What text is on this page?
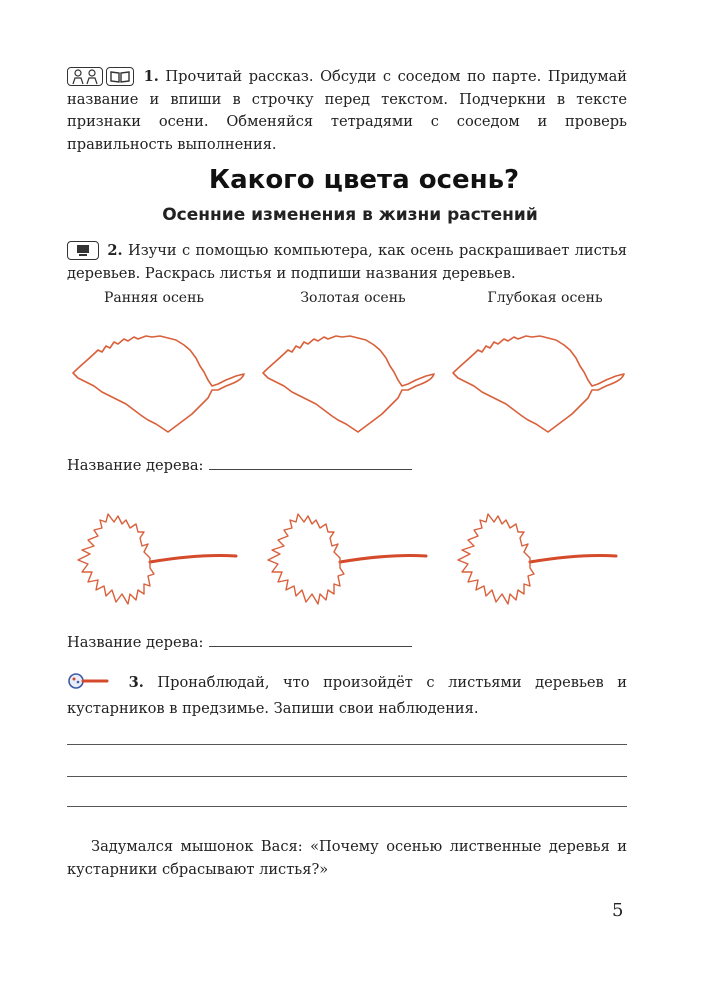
1. Прочитай рассказ. Обсуди с соседом по парте. Придумай название и впиши в строчку перед текстом. Подчеркни в тексте признаки осени. Обменяйся тетрадями с соседом и проверь правильность выполнения.

Какого цвета осень?
Осенние изменения в жизни растений

2. Изучи с помощью компьютера, как осень раскрашивает листья деревьев. Раскрась листья и подпиши названия деревьев.

Ранняя осень	Золотая осень	Глубокая осень
Название дерева:
Название дерева:

3. Пронаблюдай, что произойдёт с листьями деревьев и кустарников в предзимье. Запиши свои наблюдения.

Задумался мышонок Вася: «Почему осенью лиственные деревья и кустарники сбрасывают листья?»

5
